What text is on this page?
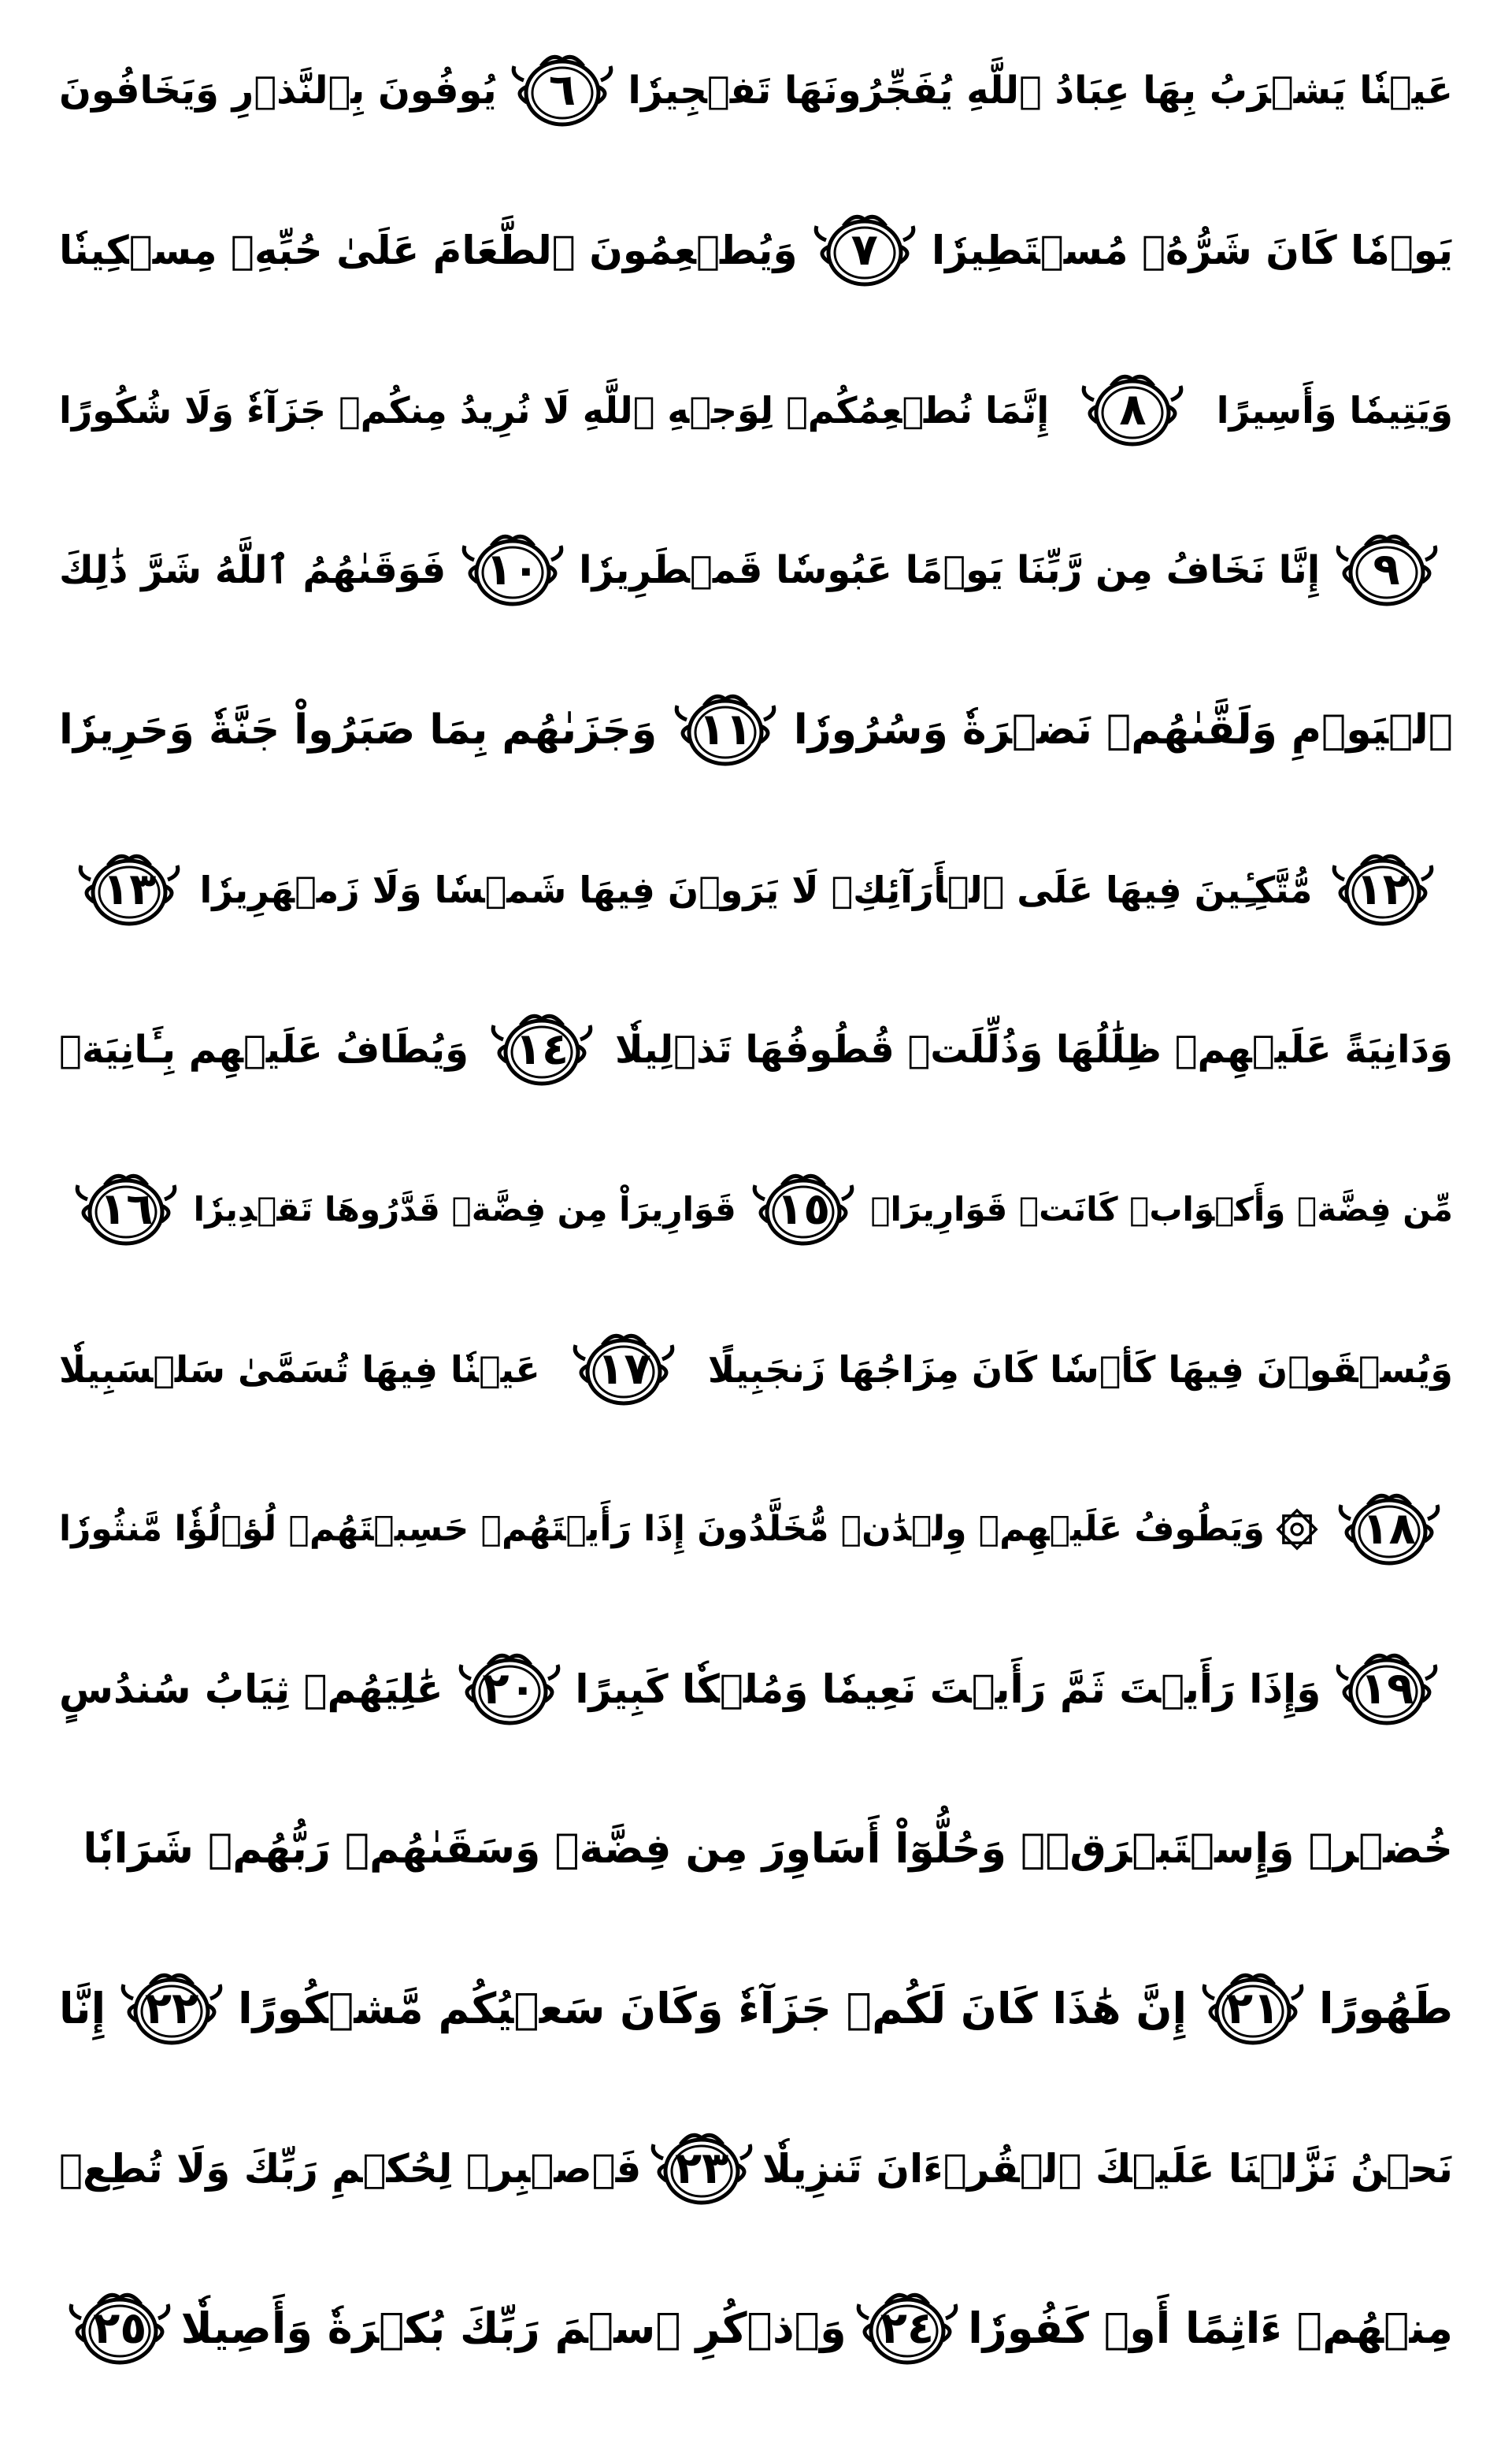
عَيۡنٗا يَشۡرَبُ بِهَا عِبَادُ ٱللَّهِ يُفَجِّرُونَهَا تَفۡجِيرٗا
٦
يُوفُونَ بِٱلنَّذۡرِ وَيَخَافُونَ
يَوۡمٗا كَانَ شَرُّهُۥ مُسۡتَطِيرٗا
٧
وَيُطۡعِمُونَ ٱلطَّعَامَ عَلَىٰ حُبِّهِۦ مِسۡكِينٗا
وَيَتِيمٗا وَأَسِيرًا
٨
إِنَّمَا نُطۡعِمُكُمۡ لِوَجۡهِ ٱللَّهِ لَا نُرِيدُ مِنكُمۡ جَزَآءٗ وَلَا شُكُورًا
٩
إِنَّا نَخَافُ مِن رَّبِّنَا يَوۡمًا عَبُوسٗا قَمۡطَرِيرٗا
١٠
فَوَقَىٰهُمُ ٱللَّهُ شَرَّ ذَٰلِكَ
ٱلۡيَوۡمِ وَلَقَّىٰهُمۡ نَضۡرَةٗ وَسُرُورٗا
١١
وَجَزَىٰهُم بِمَا صَبَرُواْ جَنَّةٗ وَحَرِيرٗا
١٢
مُّتَّكِـِٔينَ فِيهَا عَلَى ٱلۡأَرَآئِكِۖ لَا يَرَوۡنَ فِيهَا شَمۡسٗا وَلَا زَمۡهَرِيرٗا
١٣
وَدَانِيَةً عَلَيۡهِمۡ ظِلَٰلُهَا وَذُلِّلَتۡ قُطُوفُهَا تَذۡلِيلٗا
١٤
وَيُطَافُ عَلَيۡهِم بِـَٔانِيَةٖ
مِّن فِضَّةٖ وَأَكۡوَابٖ كَانَتۡ قَوَارِيرَا۠
١٥
قَوَارِيرَاْ مِن فِضَّةٖ قَدَّرُوهَا تَقۡدِيرٗا
١٦
وَيُسۡقَوۡنَ فِيهَا كَأۡسٗا كَانَ مِزَاجُهَا زَنجَبِيلًا
١٧
عَيۡنٗا فِيهَا تُسَمَّىٰ سَلۡسَبِيلٗا
١٨
وَيَطُوفُ عَلَيۡهِمۡ وِلۡدَٰنٞ مُّخَلَّدُونَ إِذَا رَأَيۡتَهُمۡ حَسِبۡتَهُمۡ لُؤۡلُؤٗا مَّنثُورٗا
١٩
وَإِذَا رَأَيۡتَ ثَمَّ رَأَيۡتَ نَعِيمٗا وَمُلۡكٗا كَبِيرًا
٢٠
عَٰلِيَهُمۡ ثِيَابُ سُندُسٍ
خُضۡرٞ وَإِسۡتَبۡرَقٞۖ وَحُلُّوٓاْ أَسَاوِرَ مِن فِضَّةٖ وَسَقَىٰهُمۡ رَبُّهُمۡ شَرَابٗا
طَهُورًا
٢١
إِنَّ هَٰذَا كَانَ لَكُمۡ جَزَآءٗ وَكَانَ سَعۡيُكُم مَّشۡكُورًا
٢٢
إِنَّا
نَحۡنُ نَزَّلۡنَا عَلَيۡكَ ٱلۡقُرۡءَانَ تَنزِيلٗا
٢٣
فَٱصۡبِرۡ لِحُكۡمِ رَبِّكَ وَلَا تُطِعۡ
مِنۡهُمۡ ءَاثِمًا أَوۡ كَفُورٗا
٢٤
وَٱذۡكُرِ ٱسۡمَ رَبِّكَ بُكۡرَةٗ وَأَصِيلٗا
٢٥
